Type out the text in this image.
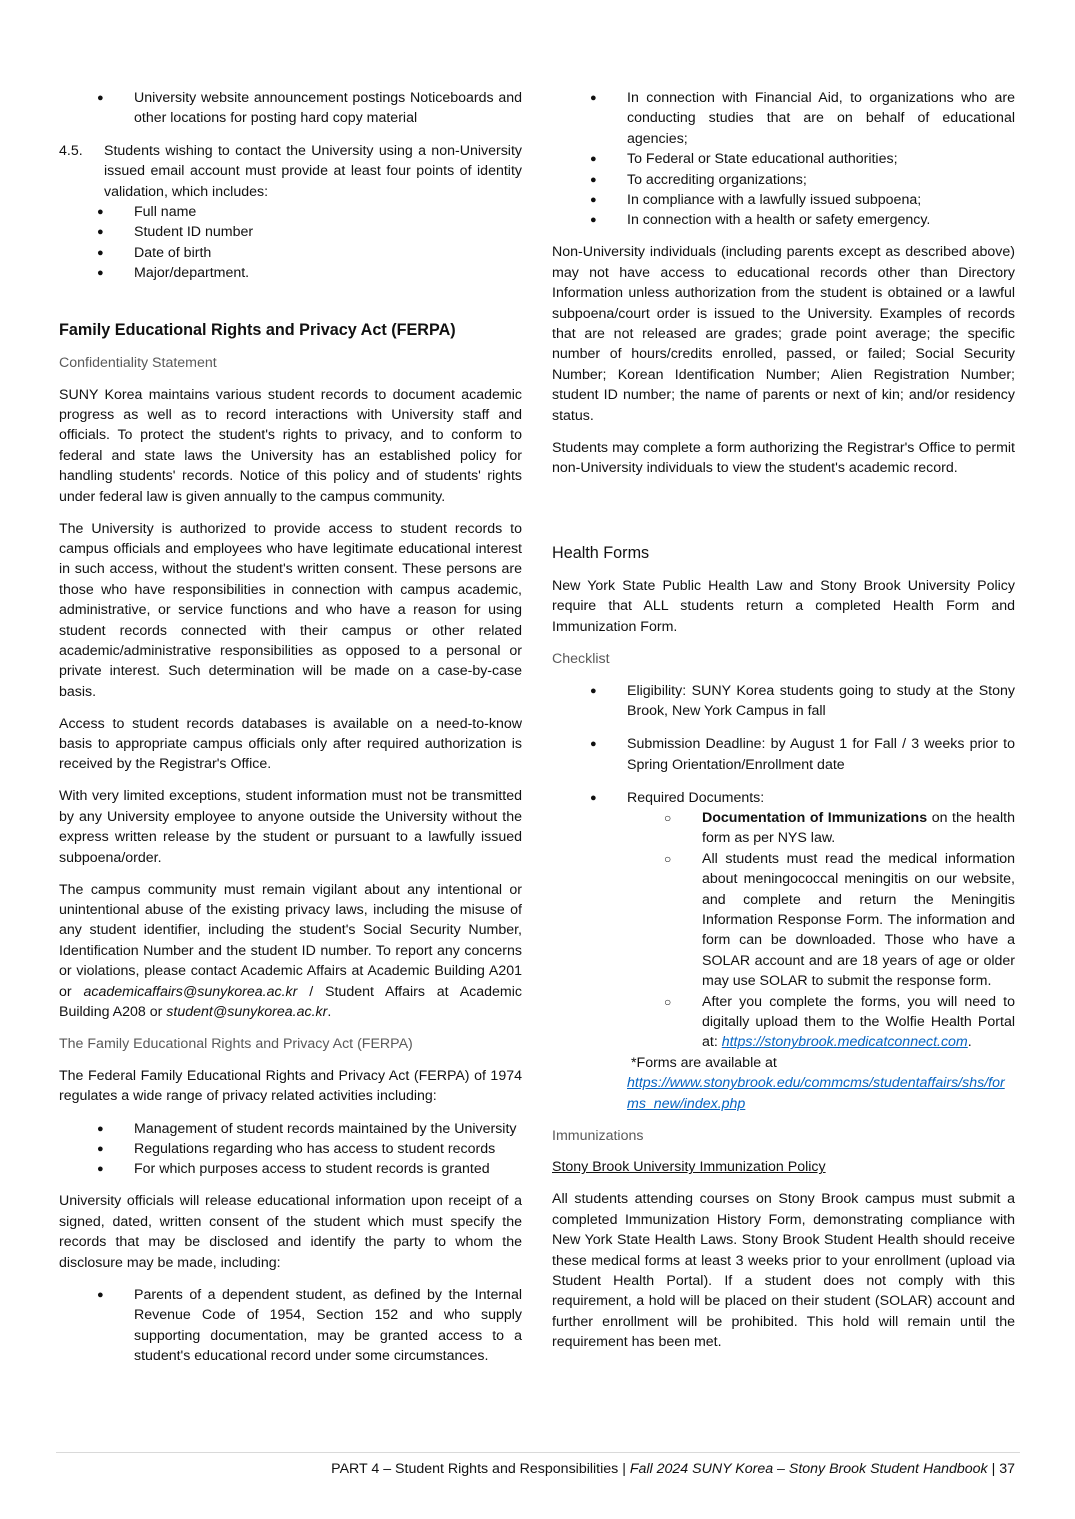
● University website announcement postings Noticeboards and other locations for posting hard copy material
4.5. Students wishing to contact the University using a non-University issued email account must provide at least four points of identity validation, which includes:
● Full name
● Student ID number
● Date of birth
● Major/department.
Family Educational Rights and Privacy Act (FERPA)
Confidentiality Statement

SUNY Korea maintains various student records to document academic progress as well as to record interactions with University staff and officials. To protect the student's rights to privacy, and to conform to federal and state laws the University has an established policy for handling students' records. Notice of this policy and of students' rights under federal law is given annually to the campus community.

The University is authorized to provide access to student records to campus officials and employees who have legitimate educational interest in such access, without the student's written consent. These persons are those who have responsibilities in connection with campus academic, administrative, or service functions and who have a reason for using student records connected with their campus or other related academic/administrative responsibilities as opposed to a personal or private interest. Such determination will be made on a case-by-case basis.

Access to student records databases is available on a need-to-know basis to appropriate campus officials only after required authorization is received by the Registrar's Office.

With very limited exceptions, student information must not be transmitted by any University employee to anyone outside the University without the express written release by the student or pursuant to a lawfully issued subpoena/order.

The campus community must remain vigilant about any intentional or unintentional abuse of the existing privacy laws, including the misuse of any student identifier, including the student's Social Security Number, Identification Number and the student ID number. To report any concerns or violations, please contact Academic Affairs at Academic Building A201 or academicaffairs@sunykorea.ac.kr / Student Affairs at Academic Building A208 or student@sunykorea.ac.kr.

The Family Educational Rights and Privacy Act (FERPA)

The Federal Family Educational Rights and Privacy Act (FERPA) of 1974 regulates a wide range of privacy related activities including:

● Management of student records maintained by the University
● Regulations regarding who has access to student records
● For which purposes access to student records is granted

University officials will release educational information upon receipt of a signed, dated, written consent of the student which must specify the records that may be disclosed and identify the party to whom the disclosure may be made, including:

● Parents of a dependent student, as defined by the Internal Revenue Code of 1954, Section 152 and who supply supporting documentation, may be granted access to a student's educational record under some circumstances.
● In connection with Financial Aid, to organizations who are conducting studies that are on behalf of educational agencies;
● To Federal or State educational authorities;
● To accrediting organizations;
● In compliance with a lawfully issued subpoena;
● In connection with a health or safety emergency.

Non-University individuals (including parents except as described above) may not have access to educational records other than Directory Information unless authorization from the student is obtained or a lawful subpoena/court order is issued to the University. Examples of records that are not released are grades; grade point average; the specific number of hours/credits enrolled, passed, or failed; Social Security Number; Korean Identification Number; Alien Registration Number; student ID number; the name of parents or next of kin; and/or residency status.

Students may complete a form authorizing the Registrar's Office to permit non-University individuals to view the student's academic record.

Health Forms

New York State Public Health Law and Stony Brook University Policy require that ALL students return a completed Health Form and Immunization Form.

Checklist
● Eligibility: SUNY Korea students going to study at the Stony Brook, New York Campus in fall
● Submission Deadline: by August 1 for Fall / 3 weeks prior to Spring Orientation/Enrollment date
● Required Documents:
○ Documentation of Immunizations on the health form as per NYS law.
○ All students must read the medical information about meningococcal meningitis on our website, and complete and return the Meningitis Information Response Form. The information and form can be downloaded. Those who have a SOLAR account and are 18 years of age or older may use SOLAR to submit the response form.
○ After you complete the forms, you will need to digitally upload them to the Wolfie Health Portal at: https://stonybrook.medicatconnect.com.
*Forms are available at
https://www.stonybrook.edu/commcms/studentaffairs/shs/forms_new/index.php
Immunizations
Stony Brook University Immunization Policy

All students attending courses on Stony Brook campus must submit a completed Immunization History Form, demonstrating compliance with New York State Health Laws. Stony Brook Student Health should receive these medical forms at least 3 weeks prior to your enrollment (upload via Student Health Portal). If a student does not comply with this requirement, a hold will be placed on their student (SOLAR) account and further enrollment will be prohibited. This hold will remain until the requirement has been met.

PART 4 – Student Rights and Responsibilities | Fall 2024 SUNY Korea – Stony Brook Student Handbook | 37
